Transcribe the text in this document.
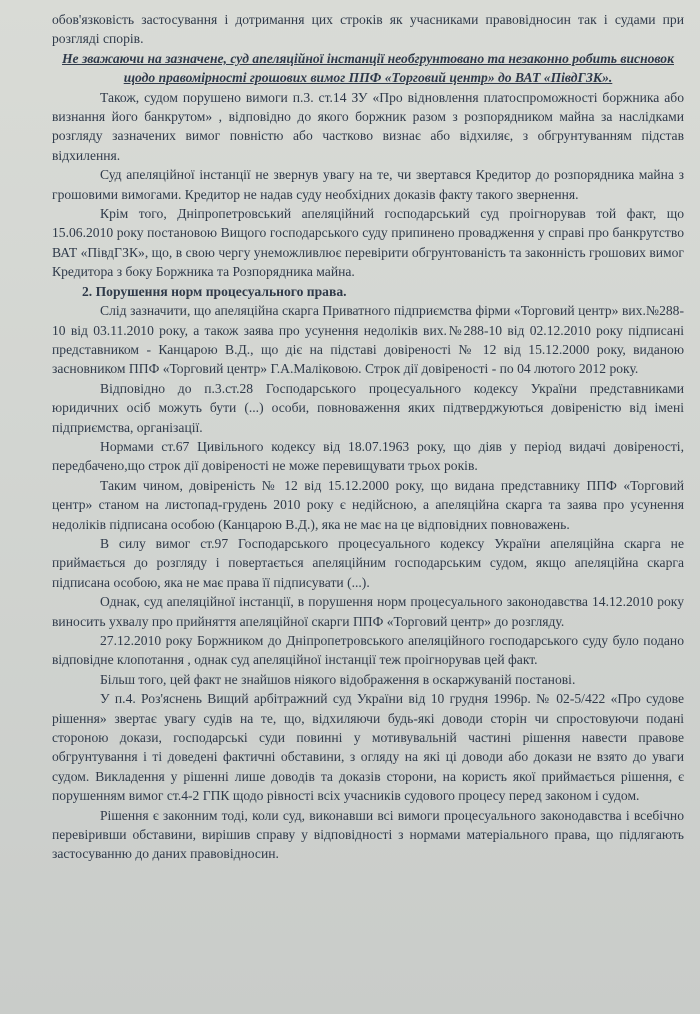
обов'язковість застосування і дотримання цих строків як учасниками правовідносин так і судами при розгляді спорів.

Не зважаючи на зазначене, суд апеляційної інстанції необгрунтовано та незаконно робить висновок щодо правомірності грошових вимог ППФ «Торговий центр» до ВАТ «ПівдГЗК».

Також, судом порушено вимоги п.3. ст.14 ЗУ «Про відновлення платоспроможності боржника або визнання його банкрутом» , відповідно до якого боржник разом з розпорядником майна за наслідками розгляду зазначених вимог повністю або частково визнає або відхиляє, з обгрунтуванням підстав відхилення.

Суд апеляційної інстанції не звернув увагу на те, чи звертався Кредитор до розпорядника майна з грошовими вимогами. Кредитор не надав суду необхідних доказів факту такого звернення.

Крім того, Дніпропетровський апеляційний господарський суд проігнорував той факт, що 15.06.2010 року постановою Вищого господарського суду припинено провадження у справі про банкрутство ВАТ «ПівдГЗК», що, в свою чергу унеможливлює перевірити обгрунтованість та законність грошових вимог Кредитора з боку Боржника та Розпорядника майна.

2. Порушення норм процесуального права.

Слід зазначити, що апеляційна скарга Приватного підприємства фірми «Торговий центр» вих.№288-10 від 03.11.2010 року, а також заява про усунення недоліків вих.№288-10 від 02.12.2010 року підписані представником - Канцарою В.Д., що діє на підставі довіреності № 12 від 15.12.2000 року, виданою засновником ППФ «Торговий центр» Г.А.Маліковою. Строк дії довіреності - по 04 лютого 2012 року.

Відповідно до п.3.ст.28 Господарського процесуального кодексу України представниками юридичних осіб можуть бути (...) особи, повноваження яких підтверджуються довіреністю від імені підприємства, організації.

Нормами ст.67 Цивільного кодексу від 18.07.1963 року, що діяв у період видачі довіреності, передбачено,що строк дії довіреності не може перевищувати трьох років.

Таким чином, довіреність № 12 від 15.12.2000 року, що видана представнику ППФ «Торговий центр» станом на листопад-грудень 2010 року є недійсною, а апеляційна скарга та заява про усунення недоліків підписана особою (Канцарою В.Д.), яка не має на це відповідних повноважень.

В силу вимог ст.97 Господарського процесуального кодексу України апеляційна скарга не приймається до розгляду і повертається апеляційним господарським судом, якщо апеляційна скарга підписана особою, яка не має права її підписувати (...).

Однак, суд апеляційної інстанції, в порушення норм процесуального законодавства 14.12.2010 року виносить ухвалу про прийняття апеляційної скарги ППФ «Торговий центр» до розгляду.

27.12.2010 року Боржником до Дніпропетровського апеляційного господарського суду було подано відповідне клопотання , однак суд апеляційної інстанції теж проігнорував цей факт.

Більш того, цей факт не знайшов ніякого відображення в оскаржуваній постанові.

У п.4. Роз'яснень Вищий арбітражний суд України від 10 грудня 1996р. № 02-5/422 «Про судове рішення» звертає увагу судів на те, що, відхиляючи будь-які доводи сторін чи спростовуючи подані стороною докази, господарські суди повинні у мотивувальній частині рішення навести правове обгрунтування і ті доведені фактичні обставини, з огляду на які ці доводи або докази не взято до уваги судом. Викладення у рішенні лише доводів та доказів сторони, на користь якої приймається рішення, є порушенням вимог ст.4-2 ГПК щодо рівності всіх учасників судового процесу перед законом і судом.

Рішення є законним тоді, коли суд, виконавши всі вимоги процесуального законодавства і всебічно перевіривши обставини, вирішив справу у відповідності з нормами матеріального права, що підлягають застосуванню до даних правовідносин.
